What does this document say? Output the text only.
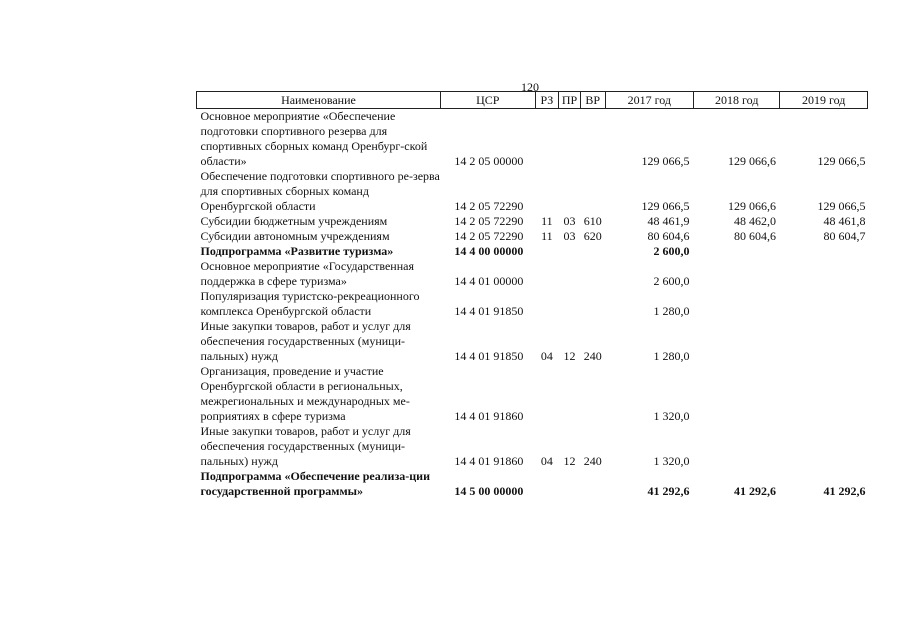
120
Наименование	ЦСР	РЗ	ПР	ВР	2017 год	2018 год	2019 год
Основное мероприятие «Обеспечение подготовки спортивного резерва для спортивных сборных команд Оренбург-ской области»	14 2 05 00000				129 066,5	129 066,6	129 066,5
Обеспечение подготовки спортивного ре-зерва для спортивных сборных команд Оренбургской области	14 2 05 72290				129 066,5	129 066,6	129 066,5
Субсидии бюджетным учреждениям	14 2 05 72290	11	03	610	48 461,9	48 462,0	48 461,8
Субсидии автономным учреждениям	14 2 05 72290	11	03	620	80 604,6	80 604,6	80 604,7
Подпрограмма «Развитие туризма»	14 4 00 00000				2 600,0		
Основное мероприятие «Государственная поддержка в сфере туризма»	14 4 01 00000				2 600,0		
Популяризация туристско-рекреационного комплекса Оренбургской области	14 4 01 91850				1 280,0		
Иные закупки товаров, работ и услуг для обеспечения государственных (муници-пальных) нужд	14 4 01 91850	04	12	240	1 280,0		
Организация, проведение и участие Оренбургской области в региональных, межрегиональных и международных ме-роприятиях в сфере туризма	14 4 01 91860				1 320,0		
Иные закупки товаров, работ и услуг для обеспечения государственных (муници-пальных) нужд	14 4 01 91860	04	12	240	1 320,0		
Подпрограмма «Обеспечение реализа-ции государственной программы»	14 5 00 00000				41 292,6	41 292,6	41 292,6
